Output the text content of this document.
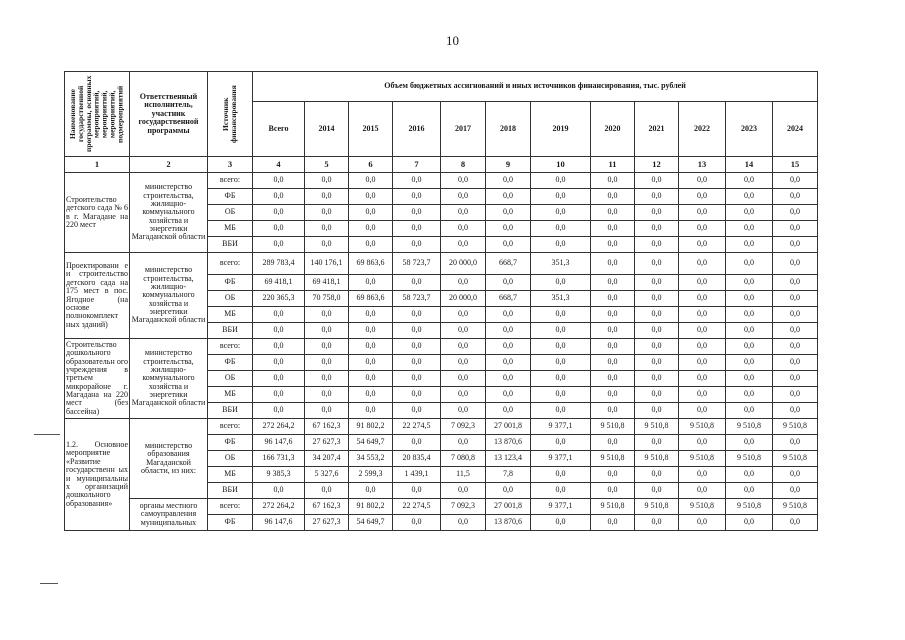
10
Наименование государственной программы, основных мероприятий, мероприятий, мероприятий, подмероприятий	Ответственный исполнитель, участник государственной программы	Источник финансирования	Объем бюджетных ассигнований и иных источников финансирования, тыс. рублей											
			Всего	2014	2015	2016	2017	2018	2019	2020	2021	2022	2023	2024
1	2	3	4	5	6	7	8	9	10	11	12	13	14	15
Строительство детского сада № 6 в г. Магадане на 220 мест	министерство строительства, жилищно-коммунального хозяйства и энергетики Магаданской области	всего:	0,0	0,0	0,0	0,0	0,0	0,0	0,0	0,0	0,0	0,0	0,0	0,0
		ФБ	0,0	0,0	0,0	0,0	0,0	0,0	0,0	0,0	0,0	0,0	0,0	0,0
		ОБ	0,0	0,0	0,0	0,0	0,0	0,0	0,0	0,0	0,0	0,0	0,0	0,0
		МБ	0,0	0,0	0,0	0,0	0,0	0,0	0,0	0,0	0,0	0,0	0,0	0,0
		ВБИ	0,0	0,0	0,0	0,0	0,0	0,0	0,0	0,0	0,0	0,0	0,0	0,0
Проектировани е и строительство детского сада на 175 мест в пос. Ягодное (на основе полнокомплект ных зданий)	министерство строительства, жилищно-коммунального хозяйства и энергетики Магаданской области	всего:	289 783,4	140 176,1	69 863,6	58 723,7	20 000,0	668,7	351,3	0,0	0,0	0,0	0,0	0,0
		ФБ	69 418,1	69 418,1	0,0	0,0	0,0	0,0	0,0	0,0	0,0	0,0	0,0	0,0
		ОБ	220 365,3	70 758,0	69 863,6	58 723,7	20 000,0	668,7	351,3	0,0	0,0	0,0	0,0	0,0
		МБ	0,0	0,0	0,0	0,0	0,0	0,0	0,0	0,0	0,0	0,0	0,0	0,0
		ВБИ	0,0	0,0	0,0	0,0	0,0	0,0	0,0	0,0	0,0	0,0	0,0	0,0
Строительство дошкольного образовательн ого учреждения в третьем микрорайоне г. Магадана на 220 мест (без бассейна)	министерство строительства, жилищно-коммунального хозяйства и энергетики Магаданской области	всего:	0,0	0,0	0,0	0,0	0,0	0,0	0,0	0,0	0,0	0,0	0,0	0,0
		ФБ	0,0	0,0	0,0	0,0	0,0	0,0	0,0	0,0	0,0	0,0	0,0	0,0
		ОБ	0,0	0,0	0,0	0,0	0,0	0,0	0,0	0,0	0,0	0,0	0,0	0,0
		МБ	0,0	0,0	0,0	0,0	0,0	0,0	0,0	0,0	0,0	0,0	0,0	0,0
		ВБИ	0,0	0,0	0,0	0,0	0,0	0,0	0,0	0,0	0,0	0,0	0,0	0,0
1.2. Основное мероприятие «Развитие государственн ых и муниципальны х организаций дошкольного образования»	министерство образования Магаданской области, из них:	всего:	272 264,2	67 162,3	91 802,2	22 274,5	7 092,3	27 001,8	9 377,1	9 510,8	9 510,8	9 510,8	9 510,8	9 510,8
		ФБ	96 147,6	27 627,3	54 649,7	0,0	0,0	13 870,6	0,0	0,0	0,0	0,0	0,0	0,0
		ОБ	166 731,3	34 207,4	34 553,2	20 835,4	7 080,8	13 123,4	9 377,1	9 510,8	9 510,8	9 510,8	9 510,8	9 510,8
		МБ	9 385,3	5 327,6	2 599,3	1 439,1	11,5	7,8	0,0	0,0	0,0	0,0	0,0	0,0
		ВБИ	0,0	0,0	0,0	0,0	0,0	0,0	0,0	0,0	0,0	0,0	0,0	0,0
	органы местного самоуправления муниципальных	всего:	272 264,2	67 162,3	91 802,2	22 274,5	7 092,3	27 001,8	9 377,1	9 510,8	9 510,8	9 510,8	9 510,8	9 510,8
		ФБ	96 147,6	27 627,3	54 649,7	0,0	0,0	13 870,6	0,0	0,0	0,0	0,0	0,0	0,0
